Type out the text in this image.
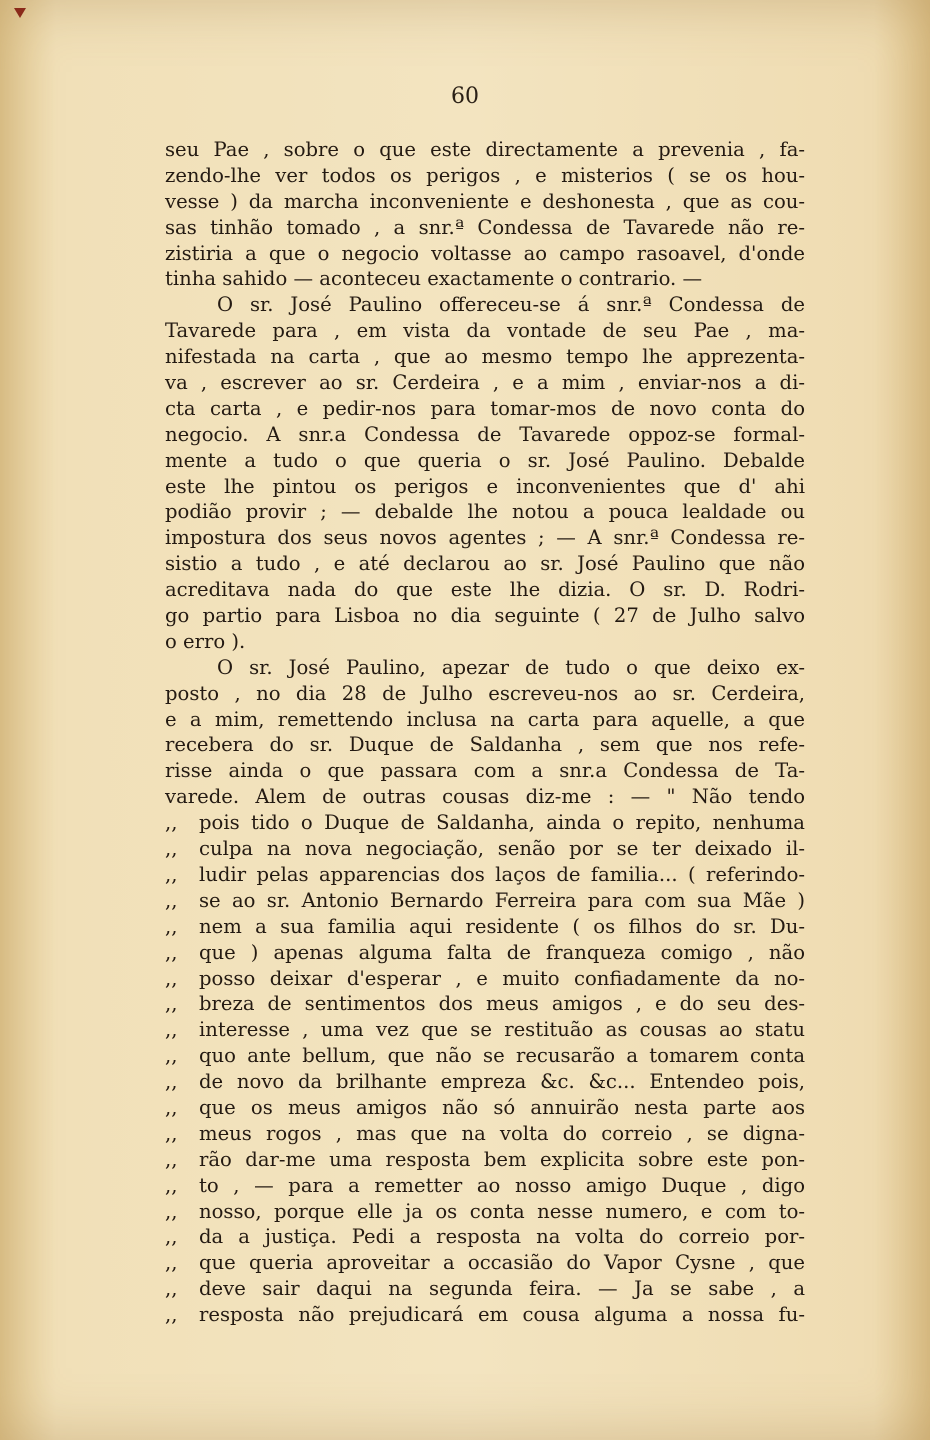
60
seu Pae , sobre o que este directamente a prevenia , fa-
zendo-lhe ver todos os perigos , e misterios ( se os hou-
vesse ) da marcha inconveniente e deshonesta , que as cou-
sas tinhão tomado , a snr.ª Condessa de Tavarede não re-
zistiria a que o negocio voltasse ao campo rasoavel, d'onde
tinha sahido — aconteceu exactamente o contrario. —
O sr. José Paulino offereceu-se á snr.ª Condessa de
Tavarede para , em vista da vontade de seu Pae , ma-
nifestada na carta , que ao mesmo tempo lhe apprezenta-
va , escrever ao sr. Cerdeira , e a mim , enviar-nos a di-
cta carta , e pedir-nos para tomar-mos de novo conta do
negocio. A snr.a Condessa de Tavarede oppoz-se formal-
mente a tudo o que queria o sr. José Paulino. Debalde
este lhe pintou os perigos e inconvenientes que d' ahi
podião provir ; — debalde lhe notou a pouca lealdade ou
impostura dos seus novos agentes ; — A snr.ª Condessa re-
sistio a tudo , e até declarou ao sr. José Paulino que não
acreditava nada do que este lhe dizia. O sr. D. Rodri-
go partio para Lisboa no dia seguinte ( 27 de Julho salvo
o erro ).
O sr. José Paulino, apezar de tudo o que deixo ex-
posto , no dia 28 de Julho escreveu-nos ao sr. Cerdeira,
e a mim, remettendo inclusa na carta para aquelle, a que
recebera do sr. Duque de Saldanha , sem que nos refe-
risse ainda o que passara com a snr.a Condessa de Ta-
varede. Alem de outras cousas diz-me : — " Não tendo
,,	pois tido o Duque de Saldanha, ainda o repito, nenhuma
,,	culpa na nova negociação, senão por se ter deixado il-
,,	ludir pelas apparencias dos laços de familia... ( referindo-
,,	se ao sr. Antonio Bernardo Ferreira para com sua Mãe )
,,	nem a sua familia aqui residente ( os filhos do sr. Du-
,,	que ) apenas alguma falta de franqueza comigo , não
,,	posso deixar d'esperar , e muito confiadamente da no-
,,	breza de sentimentos dos meus amigos , e do seu des-
,,	interesse , uma vez que se restituão as cousas ao statu
,,	quo ante bellum, que não se recusarão a tomarem conta
,,	de novo da brilhante empreza &c. &c... Entendeo pois,
,,	que os meus amigos não só annuirão nesta parte aos
,,	meus rogos , mas que na volta do correio , se digna-
,,	rão dar-me uma resposta bem explicita sobre este pon-
,,	to , — para a remetter ao nosso amigo Duque , digo
,,	nosso, porque elle ja os conta nesse numero, e com to-
,,	da a justiça. Pedi a resposta na volta do correio por-
,,	que queria aproveitar a occasião do Vapor Cysne , que
,,	deve sair daqui na segunda feira. — Ja se sabe , a
,,	resposta não prejudicará em cousa alguma a nossa fu-
